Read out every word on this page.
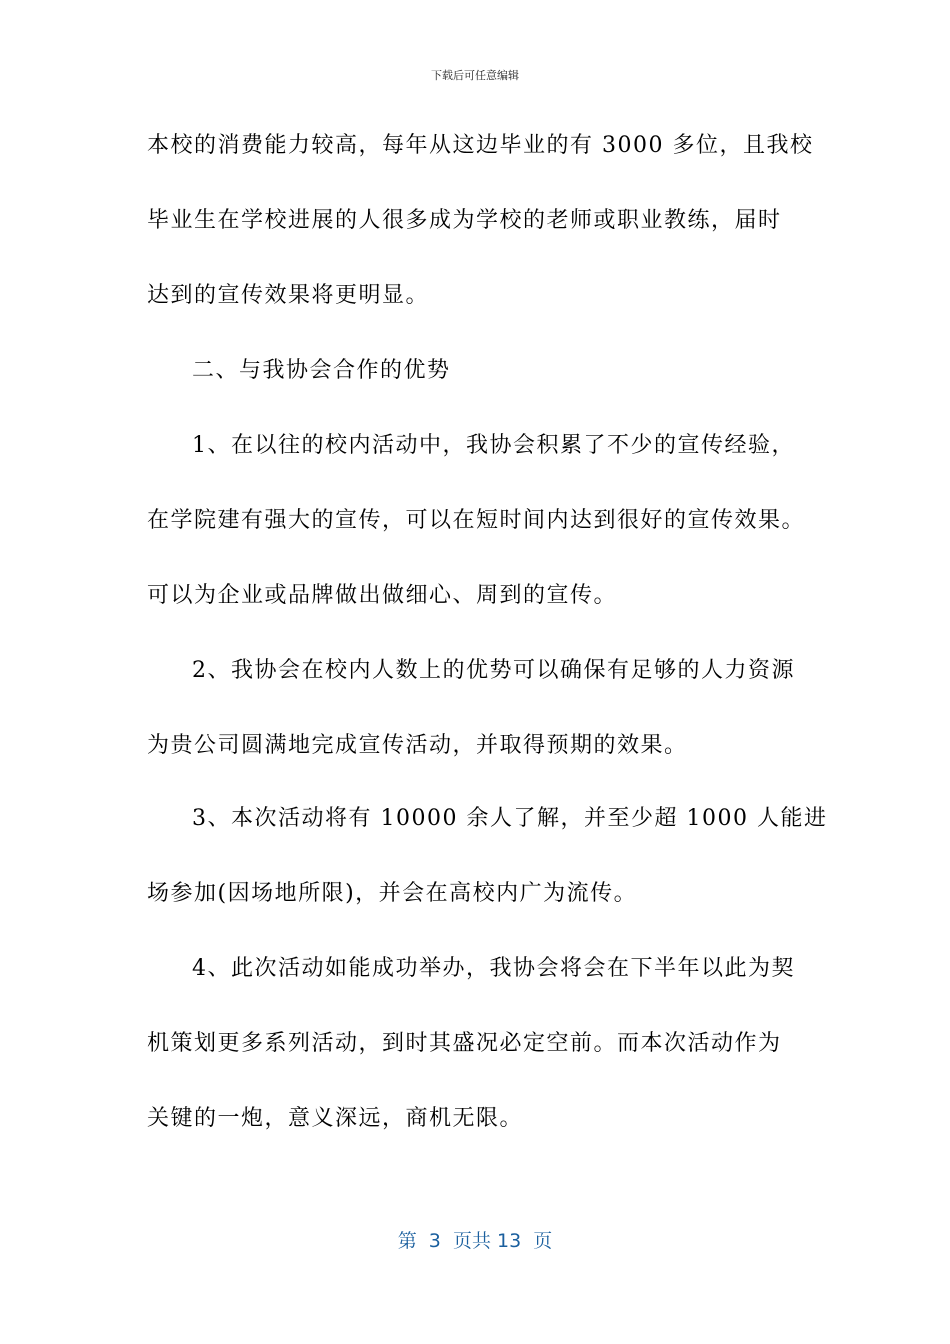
下载后可任意编辑
本校的消费能力较高，每年从这边毕业的有 3000 多位，且我校
毕业生在学校进展的人很多成为学校的老师或职业教练，届时
达到的宣传效果将更明显。
二、与我协会合作的优势
1、在以往的校内活动中，我协会积累了不少的宣传经验，
在学院建有强大的宣传，可以在短时间内达到很好的宣传效果。
可以为企业或品牌做出做细心、周到的宣传。
2、我协会在校内人数上的优势可以确保有足够的人力资源
为贵公司圆满地完成宣传活动，并取得预期的效果。
3、本次活动将有 10000 余人了解，并至少超 1000 人能进
场参加(因场地所限)，并会在高校内广为流传。
4、此次活动如能成功举办，我协会将会在下半年以此为契
机策划更多系列活动，到时其盛况必定空前。而本次活动作为
关键的一炮，意义深远，商机无限。
第  3  页共 13  页
